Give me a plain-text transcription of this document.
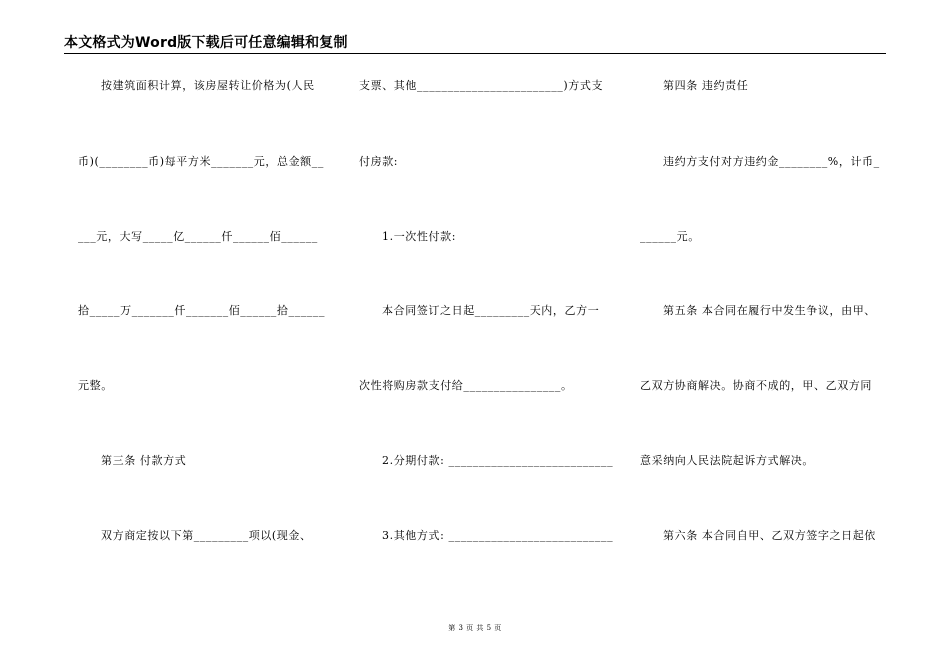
本文格式为Word版下载后可任意编辑和复制
按建筑面积计算，该房屋转让价格为(人民
币)(________币)每平方米_______元，总金额__
___元，大写_____亿______仟______佰______
拾_____万_______仟_______佰______拾______
元整。
第三条 付款方式
双方商定按以下第_________项以(现金、
支票、其他________________________)方式支
付房款:
1.一次性付款:
本合同签订之日起_________天内，乙方一
次性将购房款支付给________________。
2.分期付款: ___________________________
3.其他方式: ___________________________
第四条 违约责任
违约方支付对方违约金________%，计币_
______元。
第五条 本合同在履行中发生争议，由甲、
乙双方协商解决。协商不成的，甲、乙双方同
意采纳向人民法院起诉方式解决。
第六条 本合同自甲、乙双方签字之日起依
第 3 页 共 5 页
